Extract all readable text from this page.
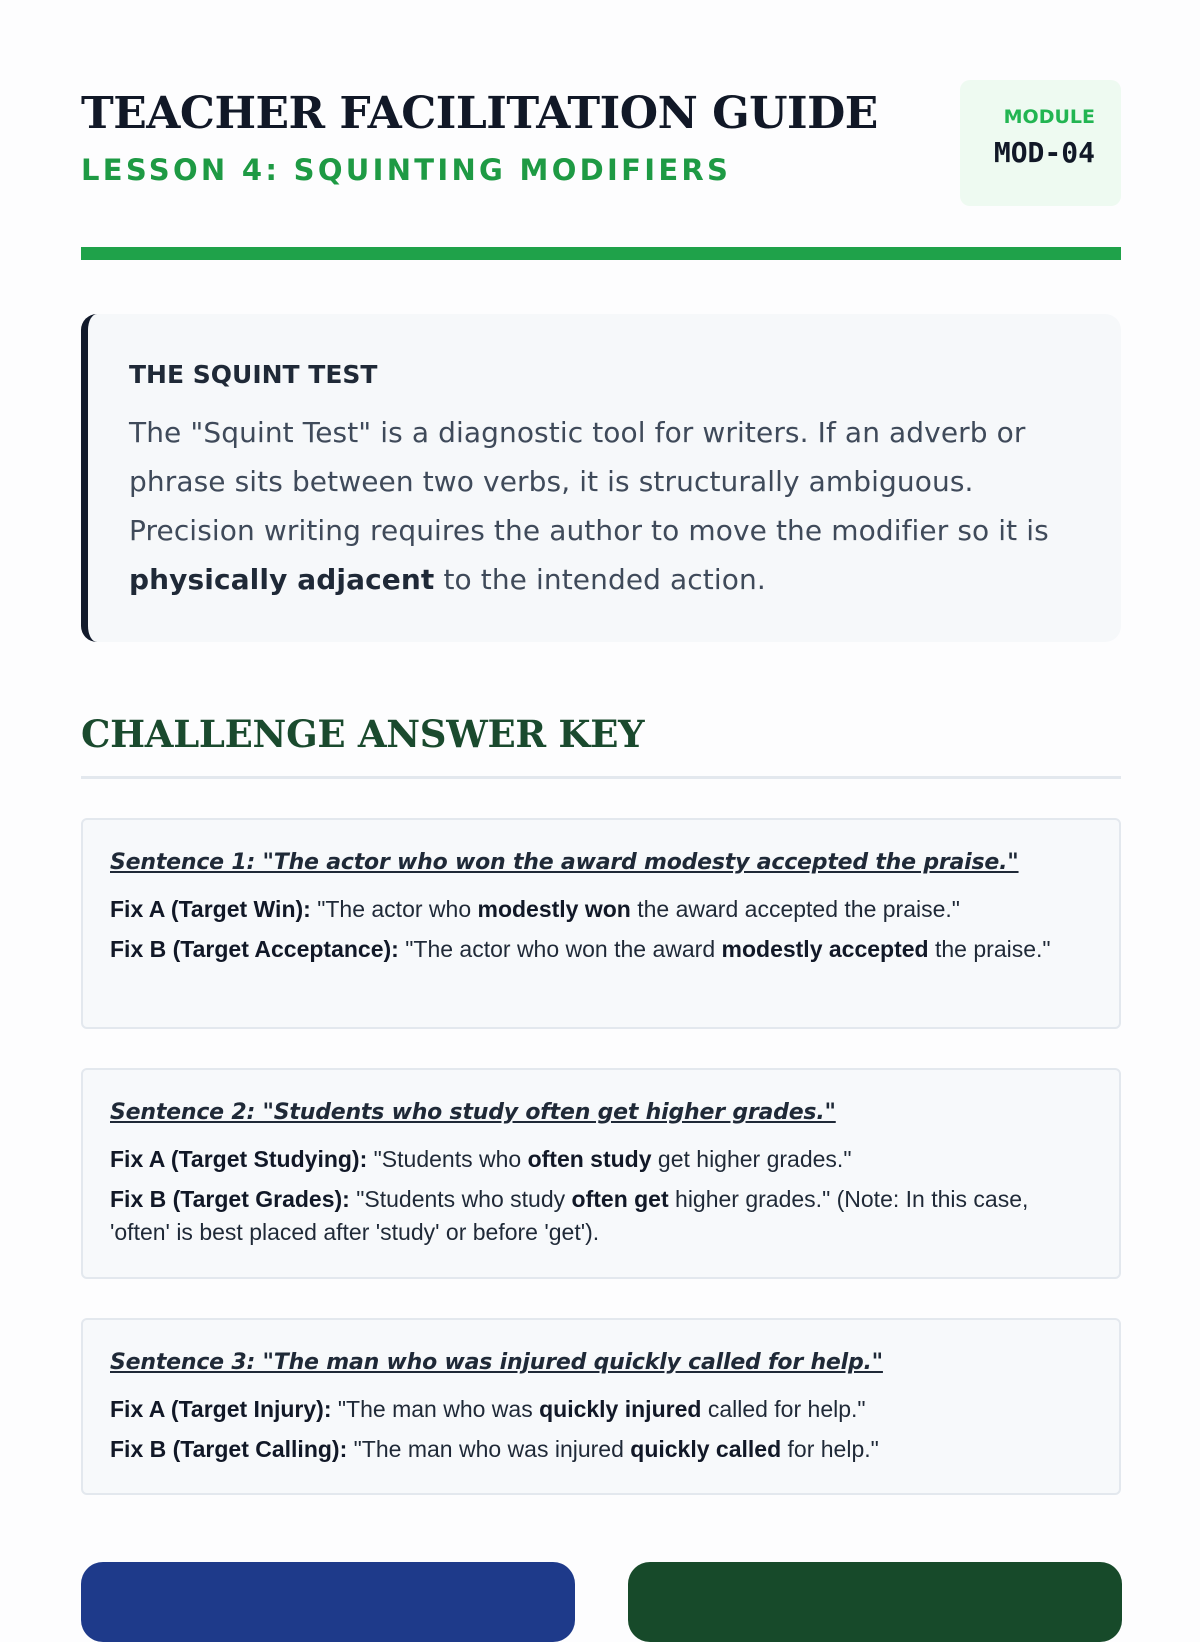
TEACHER FACILITATION GUIDE
LESSON 4: SQUINTING MODIFIERS
MODULE
MOD-04
THE SQUINT TEST

The "Squint Test" is a diagnostic tool for writers. If an adverb or phrase sits between two verbs, it is structurally ambiguous. Precision writing requires the author to move the modifier so it is physically adjacent to the intended action.

CHALLENGE ANSWER KEY

Sentence 1: "The actor who won the award modesty accepted the praise."

Fix A (Target Win): "The actor who modestly won the award accepted the praise."
Fix B (Target Acceptance): "The actor who won the award modestly accepted the praise."

Sentence 2: "Students who study often get higher grades."

Fix A (Target Studying): "Students who often study get higher grades."
Fix B (Target Grades): "Students who study often get higher grades." (Note: In this case, 'often' is best placed after 'study' or before 'get').

Sentence 3: "The man who was injured quickly called for help."

Fix A (Target Injury): "The man who was quickly injured called for help."
Fix B (Target Calling): "The man who was injured quickly called for help."
